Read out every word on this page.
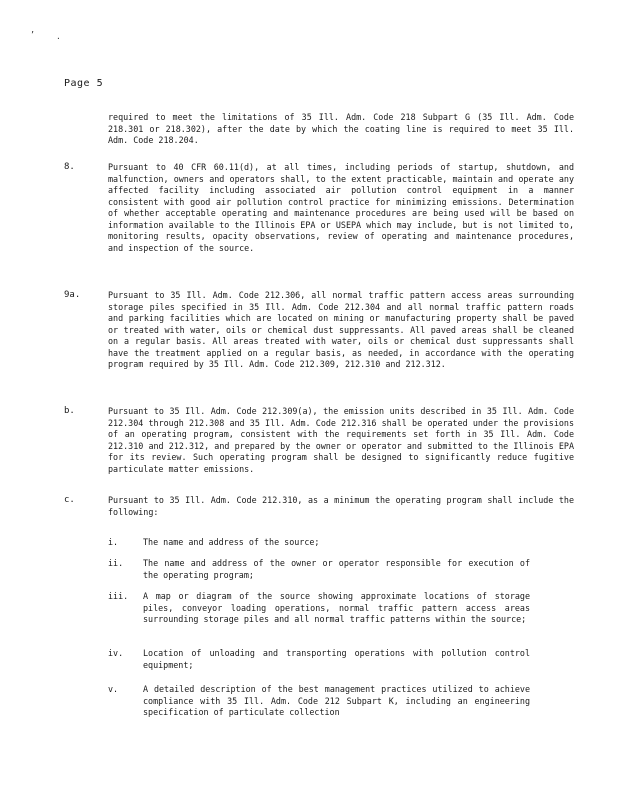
’	·
Page 5
required to meet the limitations of 35 Ill. Adm. Code 218 Subpart G (35 Ill. Adm. Code 218.301 or 218.302), after the date by which the coating line is required to meet 35 Ill. Adm. Code 218.204.
8.	Pursuant to 40 CFR 60.11(d), at all times, including periods of startup, shutdown, and malfunction, owners and operators shall, to the extent practicable, maintain and operate any affected facility including associated air pollution control equipment in a manner consistent with good air pollution control practice for minimizing emissions. Determination of whether acceptable operating and maintenance procedures are being used will be based on information available to the Illinois EPA or USEPA which may include, but is not limited to, monitoring results, opacity observations, review of operating and maintenance procedures, and inspection of the source.
9a.	Pursuant to 35 Ill. Adm. Code 212.306, all normal traffic pattern access areas surrounding storage piles specified in 35 Ill. Adm. Code 212.304 and all normal traffic pattern roads and parking facilities which are located on mining or manufacturing property shall be paved or treated with water, oils or chemical dust suppressants. All paved areas shall be cleaned on a regular basis. All areas treated with water, oils or chemical dust suppressants shall have the treatment applied on a regular basis, as needed, in accordance with the operating program required by 35 Ill. Adm. Code 212.309, 212.310 and 212.312.
b.	Pursuant to 35 Ill. Adm. Code 212.309(a), the emission units described in 35 Ill. Adm. Code 212.304 through 212.308 and 35 Ill. Adm. Code 212.316 shall be operated under the provisions of an operating program, consistent with the requirements set forth in 35 Ill. Adm. Code 212.310 and 212.312, and prepared by the owner or operator and submitted to the Illinois EPA for its review. Such operating program shall be designed to significantly reduce fugitive particulate matter emissions.
c.	Pursuant to 35 Ill. Adm. Code 212.310, as a minimum the operating program shall include the following:
i.	The name and address of the source;
ii. The name and address of the owner or operator responsible for execution of the operating program;
iii. A map or diagram of the source showing approximate locations of storage piles, conveyor loading operations, normal traffic pattern access areas surrounding storage piles and all normal traffic patterns within the source;
iv. Location of unloading and transporting operations with pollution control equipment;
v.	A detailed description of the best management practices utilized to achieve compliance with 35 Ill. Adm. Code 212 Subpart K, including an engineering specification of particulate collection
